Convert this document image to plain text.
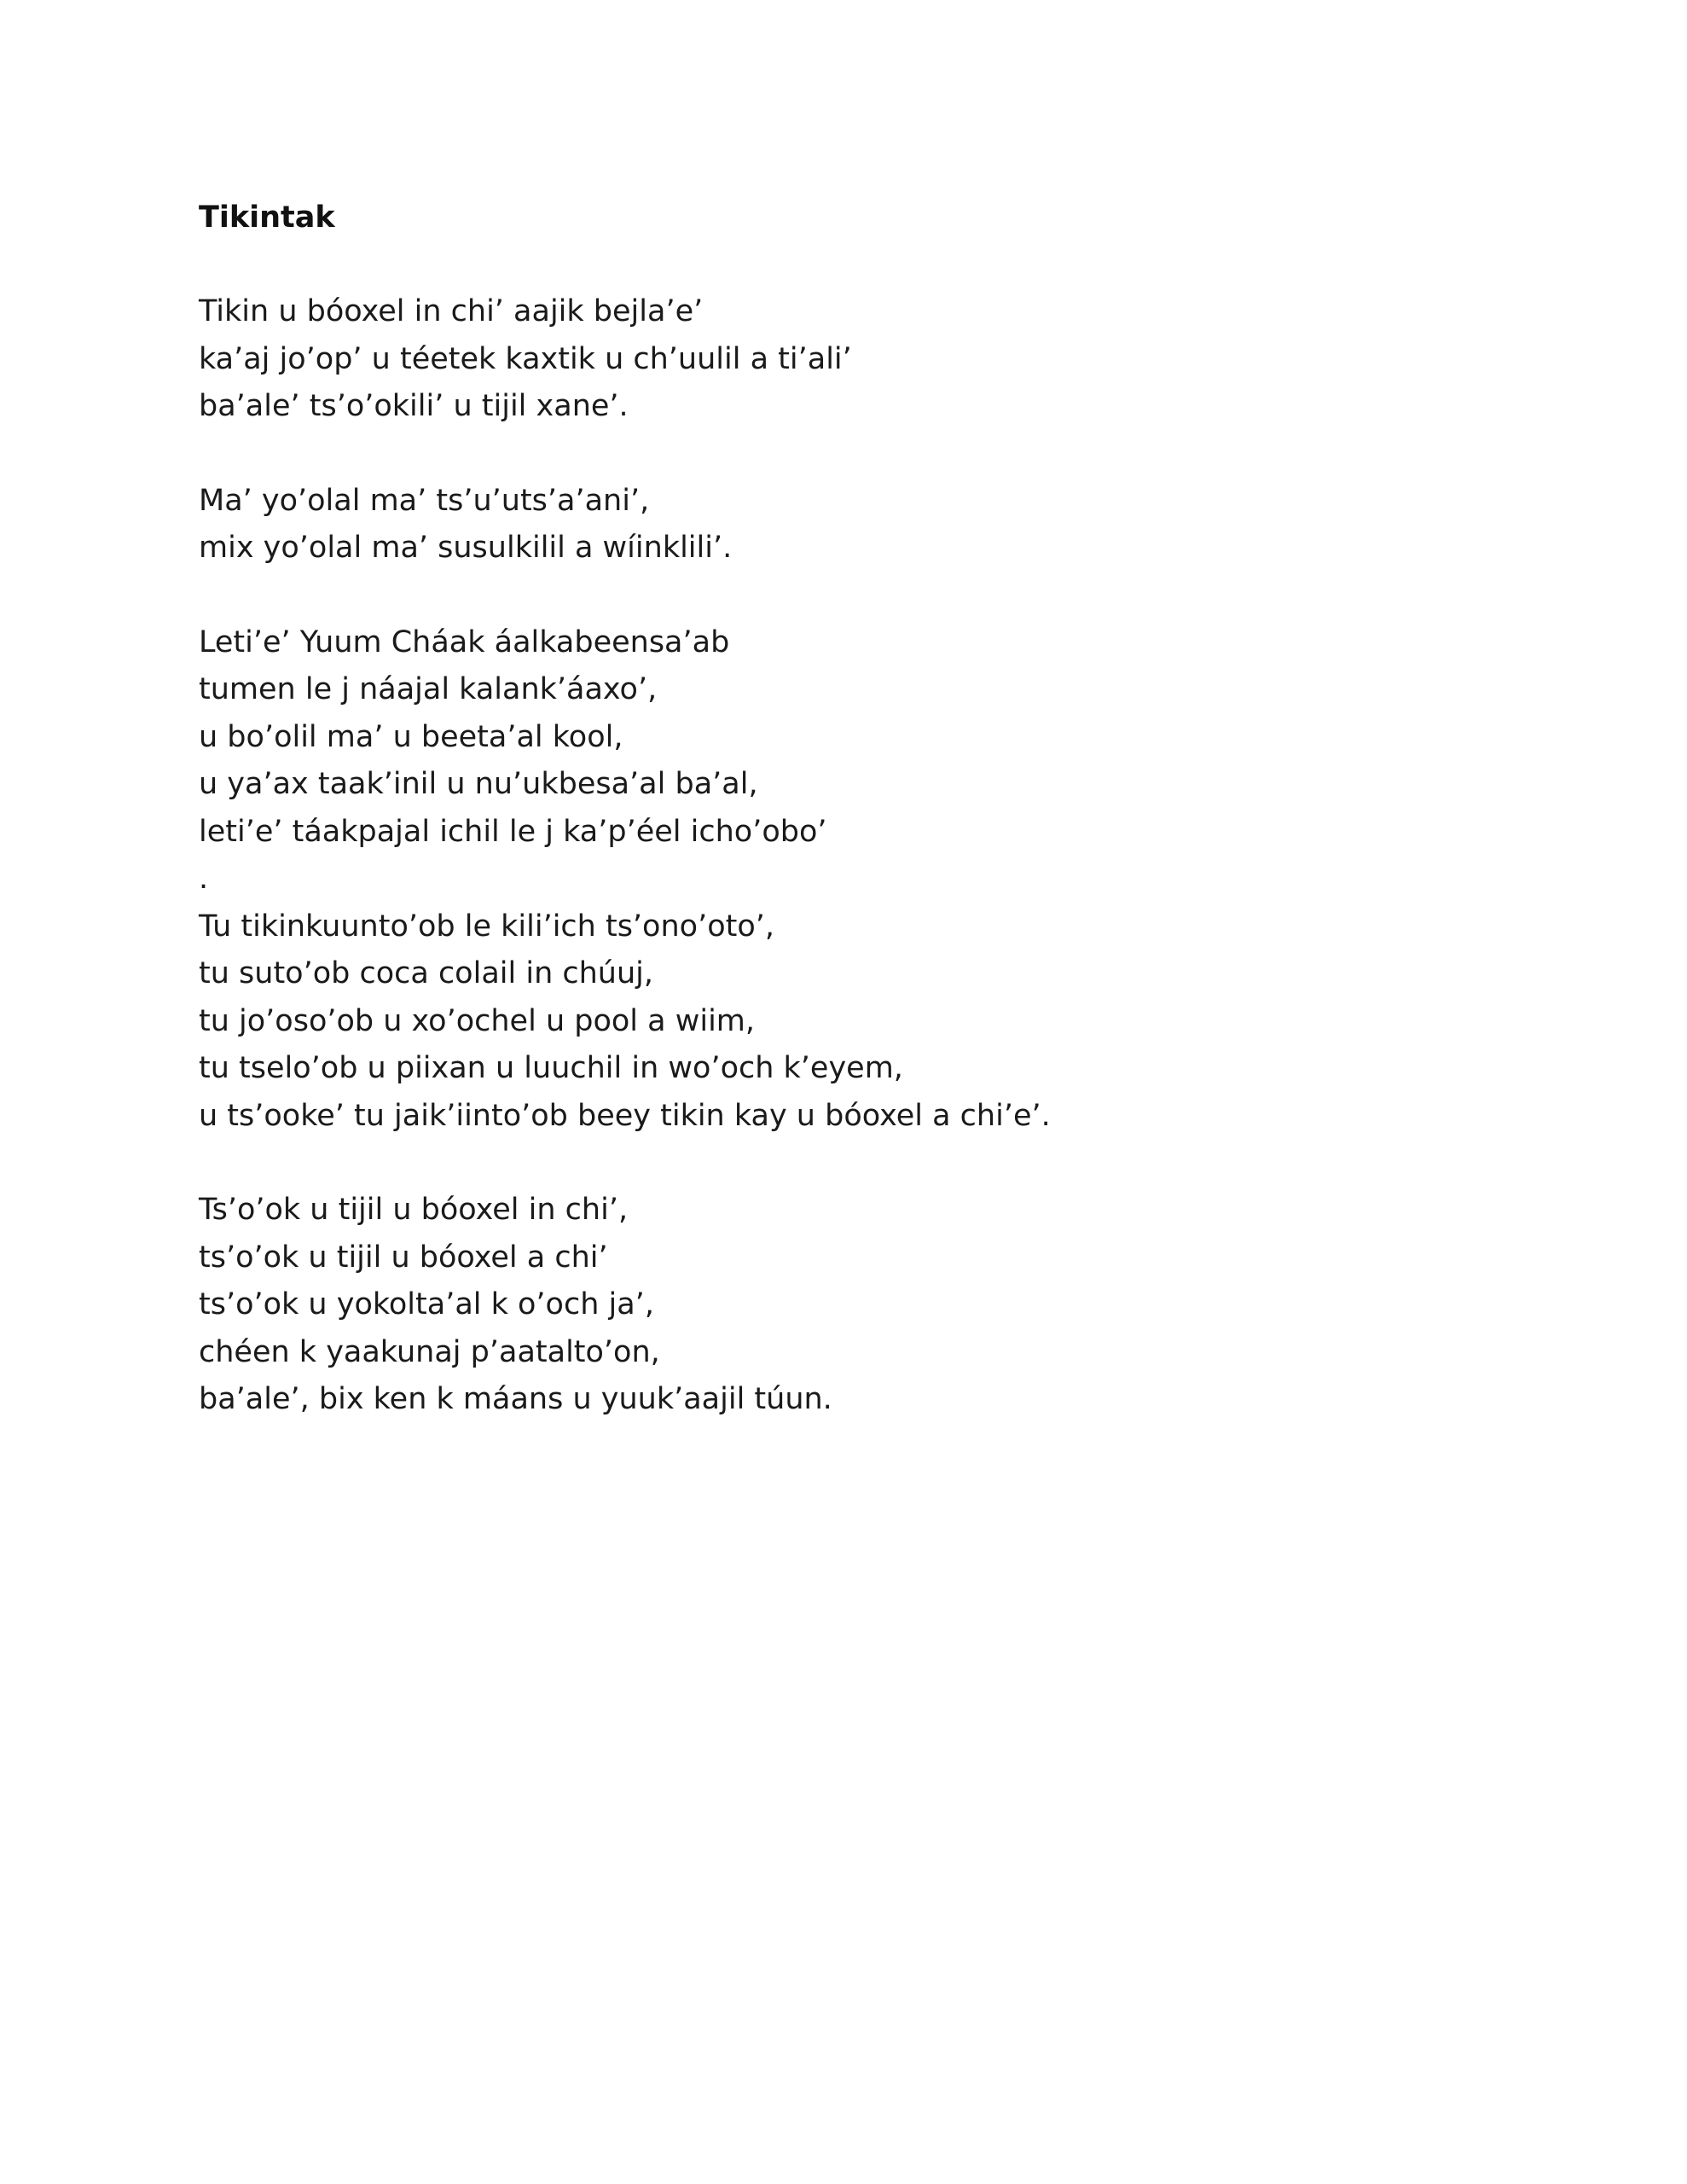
Tikintak
Tikin u bóoxel in chi’ aajik bejla’e’
ka’aj jo’op’ u téetek kaxtik u ch’uulil a ti’ali’
ba’ale’ ts’o’okili’ u tijil xane’.
Ma’ yo’olal ma’ ts’u’uts’a’ani’,
mix yo’olal ma’ susulkilil a wíinklili’.
Leti’e’ Yuum Cháak áalkabeensa’ab
tumen le j náajal kalank’áaxo’,
u bo’olil ma’ u beeta’al kool,
u ya’ax taak’inil u nu’ukbesa’al ba’al,
leti’e’ táakpajal ichil le j ka’p’éel icho’obo’
.
Tu tikinkuunto’ob le kili’ich ts’ono’oto’,
tu suto’ob coca colail in chúuj,
tu jo’oso’ob u xo’ochel u pool a wiim,
tu tselo’ob u piixan u luuchil in wo’och k’eyem,
u ts’ooke’ tu jaik’iinto’ob beey tikin kay u bóoxel a chi’e’.
Ts’o’ok u tijil u bóoxel in chi’,
ts’o’ok u tijil u bóoxel a chi’
ts’o’ok u yokolta’al k o’och ja’,
chéen k yaakunaj p’aatalto’on,
ba’ale’, bix ken k máans u yuuk’aajil túun.
